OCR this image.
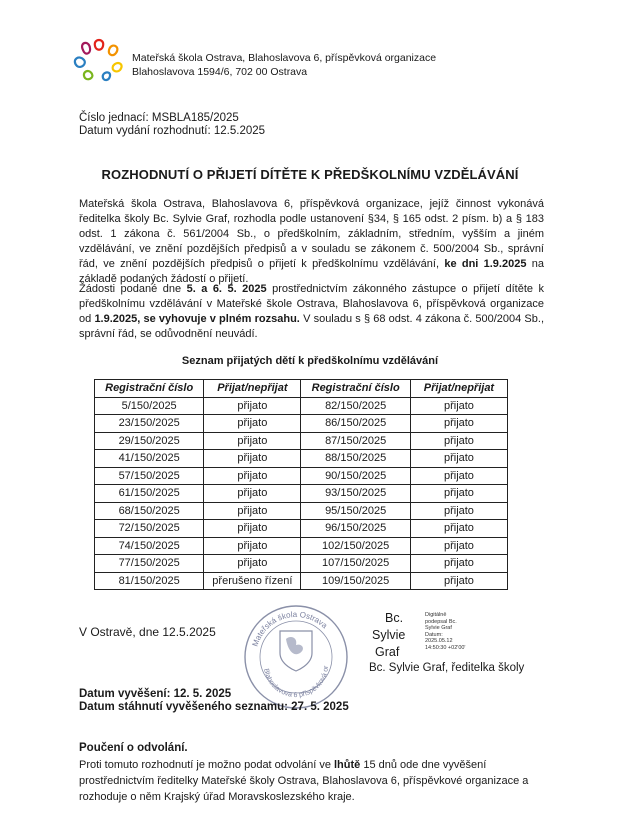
Mateřská škola Ostrava, Blahoslavova 6, příspěvková organizace
Blahoslavova 1594/6, 702 00 Ostrava
Číslo jednací: MSBLA185/2025
Datum vydání rozhodnutí: 12.5.2025
ROZHODNUTÍ O PŘIJETÍ DÍTĚTE K PŘEDŠKOLNÍMU VZDĚLÁVÁNÍ
Mateřská škola Ostrava, Blahoslavova 6, příspěvková organizace, jejíž činnost vykonává ředitelka školy Bc. Sylvie Graf, rozhodla podle ustanovení §34, § 165 odst. 2 písm. b) a § 183 odst. 1 zákona č. 561/2004 Sb., o předškolním, základním, středním, vyšším a jiném vzdělávání, ve znění pozdějších předpisů a v souladu se zákonem č. 500/2004 Sb., správní řád, ve znění pozdějších předpisů o přijetí k předškolnímu vzdělávání, ke dni 1.9.2025 na základě podaných žádostí o přijetí.
Žádosti podané dne 5. a 6. 5. 2025 prostřednictvím zákonného zástupce o přijetí dítěte k předškolnímu vzdělávání v Mateřské škole Ostrava, Blahoslavova 6, příspěvková organizace od 1.9.2025, se vyhovuje v plném rozsahu. V souladu s § 68 odst. 4 zákona č. 500/2004 Sb., správní řád, se odůvodnění neuvádí.
Seznam přijatých dětí k předškolnímu vzdělávání
Registrační číslo	Přijat/nepřijat	Registrační číslo	Přijat/nepřijat
5/150/2025	přijato	82/150/2025	přijato
23/150/2025	přijato	86/150/2025	přijato
29/150/2025	přijato	87/150/2025	přijato
41/150/2025	přijato	88/150/2025	přijato
57/150/2025	přijato	90/150/2025	přijato
61/150/2025	přijato	93/150/2025	přijato
68/150/2025	přijato	95/150/2025	přijato
72/150/2025	přijato	96/150/2025	přijato
74/150/2025	přijato	102/150/2025	přijato
77/150/2025	přijato	107/150/2025	přijato
81/150/2025	přerušeno řízení	109/150/2025	přijato
V Ostravě, dne 12.5.2025
Mateřská škola Ostrava
Blahoslavova 6 příspěvková or
Bc.
Sylvie
Graf
Digitálně
podepsal Bc.
Sylvie Graf
Datum:
2025.05.12
14:50:30 +02'00'
Bc. Sylvie Graf, ředitelka školy
Datum vyvěšení: 12. 5. 2025
Datum stáhnutí vyvěšeného seznamu: 27. 5. 2025
Poučení o odvolání.
Proti tomuto rozhodnutí je možno podat odvolání ve lhůtě 15 dnů ode dne vyvěšení prostřednictvím ředitelky Mateřské školy Ostrava, Blahoslavova 6, příspěvkové organizace a rozhoduje o něm Krajský úřad Moravskoslezského kraje.
